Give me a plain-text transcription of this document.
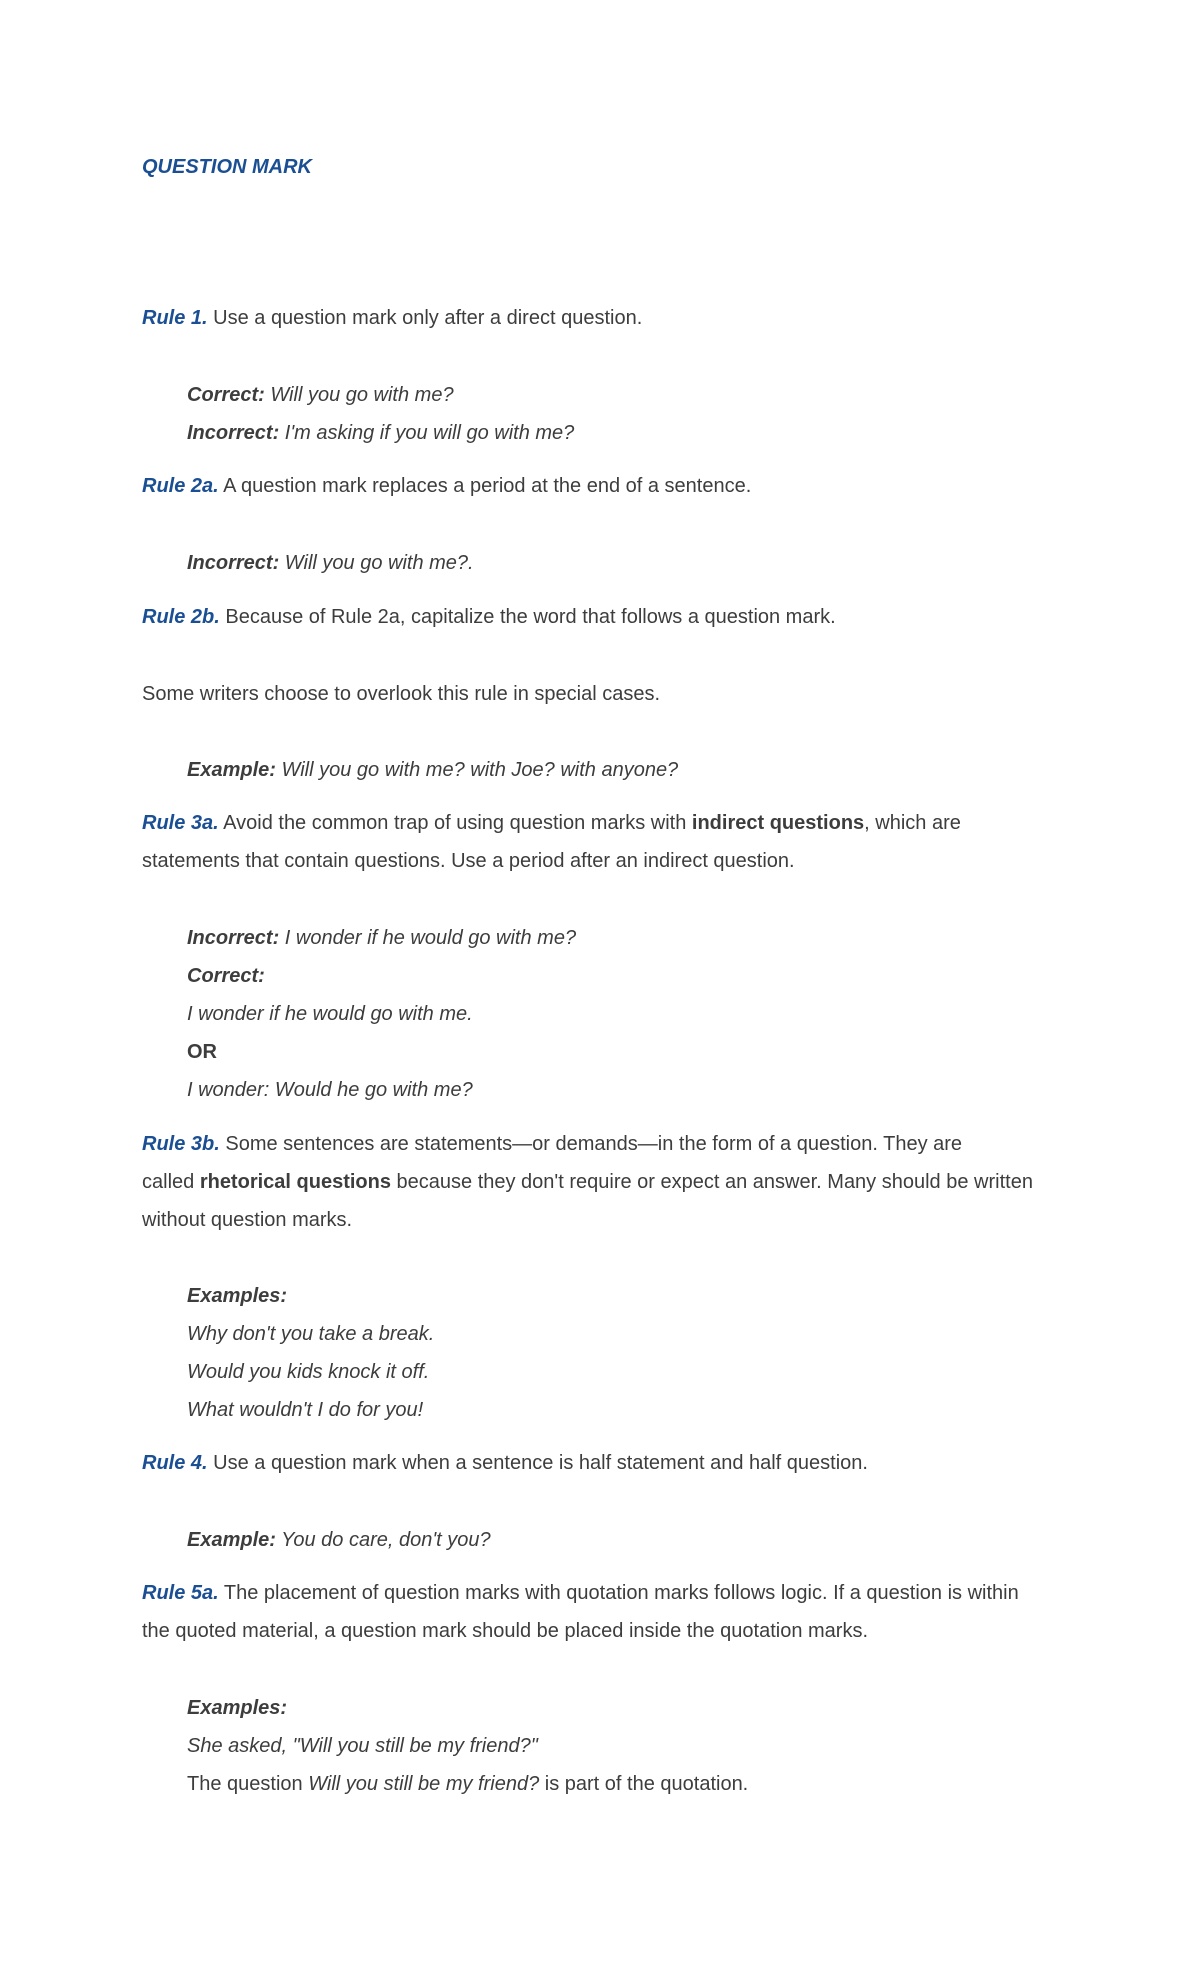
QUESTION MARK
Rule 1. Use a question mark only after a direct question.
Correct: Will you go with me?
Incorrect: I'm asking if you will go with me?
Rule 2a. A question mark replaces a period at the end of a sentence.
Incorrect: Will you go with me?.
Rule 2b. Because of Rule 2a, capitalize the word that follows a question mark.
Some writers choose to overlook this rule in special cases.
Example: Will you go with me? with Joe? with anyone?
Rule 3a. Avoid the common trap of using question marks with indirect questions, which are
statements that contain questions. Use a period after an indirect question.
Incorrect: I wonder if he would go with me?
Correct:
I wonder if he would go with me.
OR
I wonder: Would he go with me?
Rule 3b. Some sentences are statements—or demands—in the form of a question. They are
called rhetorical questions because they don't require or expect an answer. Many should be written
without question marks.
Examples:
Why don't you take a break.
Would you kids knock it off.
What wouldn't I do for you!
Rule 4. Use a question mark when a sentence is half statement and half question.
Example: You do care, don't you?
Rule 5a. The placement of question marks with quotation marks follows logic. If a question is within
the quoted material, a question mark should be placed inside the quotation marks.
Examples:
She asked, "Will you still be my friend?"
The question Will you still be my friend? is part of the quotation.
